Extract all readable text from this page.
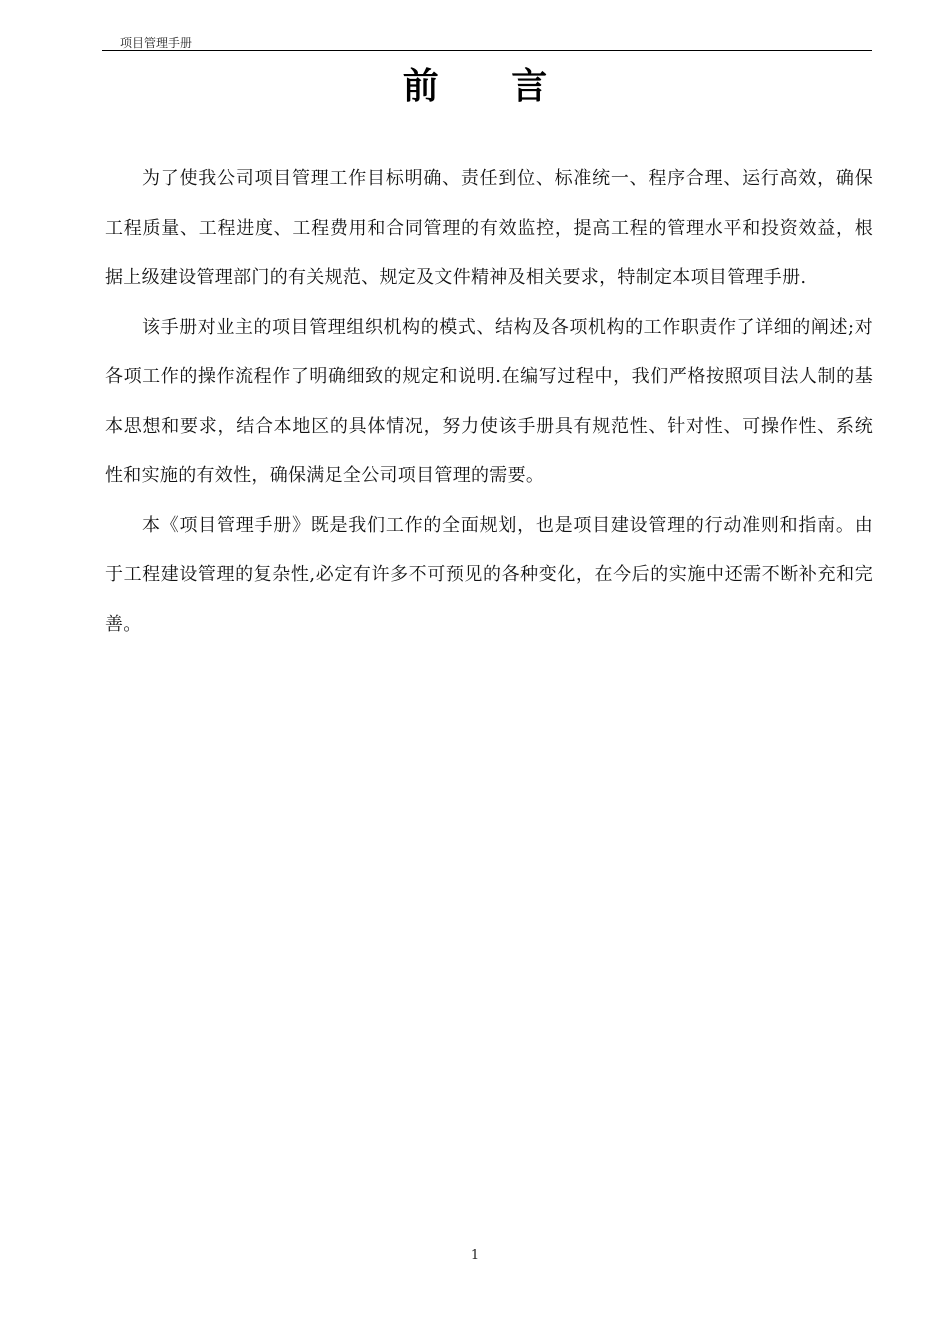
项目管理手册
前 言

为了使我公司项目管理工作目标明确、责任到位、标准统一、程序合理、运行高效，确保工程质量、工程进度、工程费用和合同管理的有效监控，提高工程的管理水平和投资效益，根据上级建设管理部门的有关规范、规定及文件精神及相关要求，特制定本项目管理手册.

该手册对业主的项目管理组织机构的模式、结构及各项机构的工作职责作了详细的阐述;对各项工作的操作流程作了明确细致的规定和说明.在编写过程中，我们严格按照项目法人制的基本思想和要求，结合本地区的具体情况，努力使该手册具有规范性、针对性、可操作性、系统性和实施的有效性，确保满足全公司项目管理的需要。

本《项目管理手册》既是我们工作的全面规划，也是项目建设管理的行动准则和指南。由于工程建设管理的复杂性,必定有许多不可预见的各种变化，在今后的实施中还需不断补充和完善。

1
